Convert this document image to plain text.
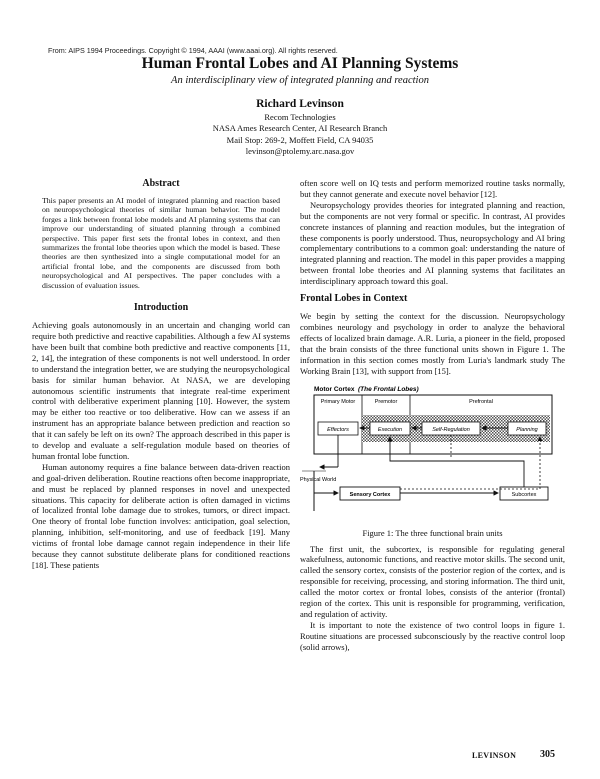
From: AIPS 1994 Proceedings. Copyright © 1994, AAAI (www.aaai.org). All rights reserved.
Human Frontal Lobes and AI Planning Systems
An interdisciplinary view of integrated planning and reaction
Richard Levinson
Recom Technologies
NASA Ames Research Center, AI Research Branch
Mail Stop: 269-2, Moffett Field, CA 94035
levinson@ptolemy.arc.nasa.gov
Abstract

This paper presents an AI model of integrated planning and reaction based on neuropsychological theories of similar human behavior. The model forges a link between frontal lobe models and AI planning systems that can improve our understanding of situated planning through a combined perspective. This paper first sets the frontal lobes in context, and then summarizes the frontal lobe theories upon which the model is based. These theories are then synthesized into a single computational model for an artificial frontal lobe, and the components are discussed from both neuropsychological and AI perspectives. The paper concludes with a discussion of evaluation issues.

Introduction

Achieving goals autonomously in an uncertain and changing world can require both predictive and reactive capabilities. Although a few AI systems have been built that combine both predictive and reactive components [11, 2, 14], the integration of these components is not well understood. In order to understand the integration better, we are studying the neuropsychological basis for similar human behavior. At NASA, we are developing autonomous scientific instruments that integrate real-time experiment control with deliberative experiment planning [10]. However, the system may be either too reactive or too deliberative. How can we assess if an instrument has an appropriate balance between prediction and reaction so that it can safely be left on its own? The approach described in this paper is to develop and evaluate a self-regulation module based on theories of human frontal lobe function.

Human autonomy requires a fine balance between data-driven reaction and goal-driven deliberation. Routine reactions often become inappropriate, and must be replaced by planned responses in novel and unexpected situations. This capacity for deliberate action is often damaged in victims of localized frontal lobe damage due to strokes, tumors, or direct impact. One theory of frontal lobe function involves: anticipation, goal selection, planning, inhibition, self-monitoring, and use of feedback [19]. Many victims of frontal lobe damage cannot regain independence in their life because they cannot substitute deliberate plans for conditioned reactions [18]. These patients

often score well on IQ tests and perform memorized routine tasks normally, but they cannot generate and execute novel behavior [12].

Neuropsychology provides theories for integrated planning and reaction, but the components are not very formal or specific. In contrast, AI provides concrete instances of planning and reaction modules, but the integration of these components is poorly understood. Thus, neuropsychology and AI bring complementary contributions to a common goal: understanding the nature of integrated planning and reaction. The model in this paper provides a mapping between frontal lobe theories and AI planning systems that facilitates an interdisciplinary approach toward this goal.

Frontal Lobes in Context

We begin by setting the context for the discussion. Neuropsychology combines neurology and psychology in order to analyze the behavioral effects of localized brain damage. A.R. Luria, a pioneer in the field, proposed that the brain consists of the three functional units shown in Figure 1. The information in this section comes mostly from Luria's landmark study The Working Brain [13], with support from [15].

Motor Cortex (The Frontal Lobes)
Primary Motor	Premotor	Prefrontal
Effectors	Execution	Self-Regulation	Planning
Physical World
Sensory Cortex	Subcortex
Figure 1: The three functional brain units

The first unit, the subcortex, is responsible for regulating general wakefulness, autonomic functions, and reactive motor skills. The second unit, called the sensory cortex, consists of the posterior region of the cortex, and is responsible for receiving, processing, and storing information. The third unit, called the motor cortex or frontal lobes, consists of the anterior (frontal) region of the cortex. This unit is responsible for programming, verification, and regulation of activity.

It is important to note the existence of two control loops in figure 1. Routine situations are processed subconsciously by the reactive control loop (solid arrows),

LEVINSON 305
